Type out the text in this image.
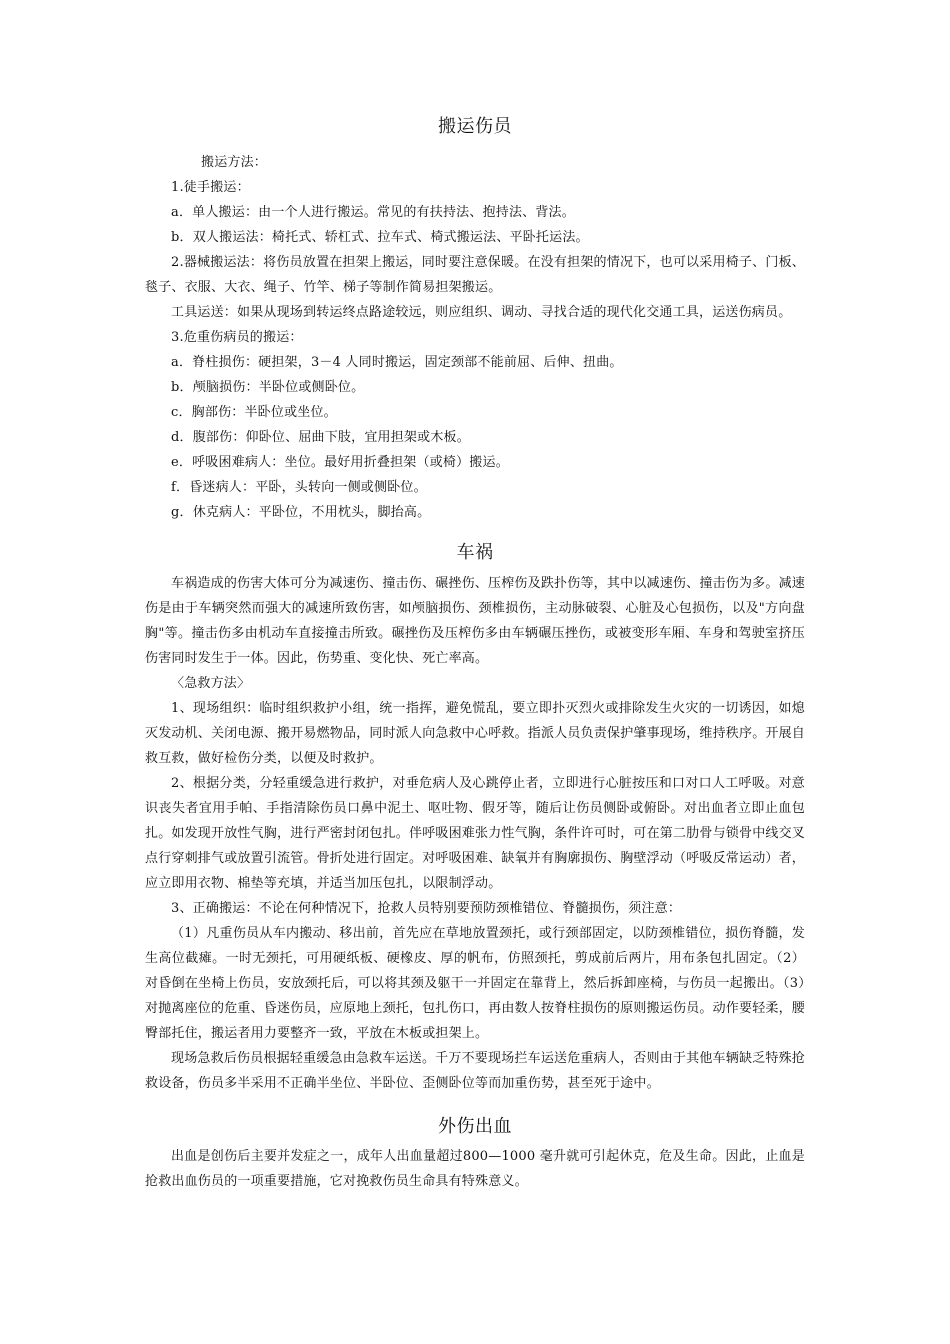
搬运伤员

搬运方法：

1.徒手搬运：

a．单人搬运：由一个人进行搬运。常见的有扶持法、抱持法、背法。

b．双人搬运法：椅托式、轿杠式、拉车式、椅式搬运法、平卧托运法。

2.器械搬运法：将伤员放置在担架上搬运，同时要注意保暖。在没有担架的情况下，也可以采用椅子、门板、毯子、衣服、大衣、绳子、竹竿、梯子等制作简易担架搬运。

工具运送：如果从现场到转运终点路途较远，则应组织、调动、寻找合适的现代化交通工具，运送伤病员。

3.危重伤病员的搬运：

a．脊柱损伤：硬担架，3－4 人同时搬运，固定颈部不能前屈、后伸、扭曲。

b．颅脑损伤：半卧位或侧卧位。

c．胸部伤：半卧位或坐位。

d．腹部伤：仰卧位、屈曲下肢，宜用担架或木板。

e．呼吸困难病人：坐位。最好用折叠担架（或椅）搬运。

f．昏迷病人：平卧，头转向一侧或侧卧位。

g．休克病人：平卧位，不用枕头，脚抬高。

车祸

车祸造成的伤害大体可分为减速伤、撞击伤、碾挫伤、压榨伤及跌扑伤等，其中以减速伤、撞击伤为多。减速伤是由于车辆突然而强大的减速所致伤害，如颅脑损伤、颈椎损伤，主动脉破裂、心脏及心包损伤，以及"方向盘胸"等。撞击伤多由机动车直接撞击所致。碾挫伤及压榨伤多由车辆碾压挫伤，或被变形车厢、车身和驾驶室挤压伤害同时发生于一体。因此，伤势重、变化快、死亡率高。

〈急救方法〉

1、现场组织：临时组织救护小组，统一指挥，避免慌乱，要立即扑灭烈火或排除发生火灾的一切诱因，如熄灭发动机、关闭电源、搬开易燃物品，同时派人向急救中心呼救。指派人员负责保护肇事现场，维持秩序。开展自救互救，做好检伤分类，以便及时救护。

2、根据分类，分轻重缓急进行救护，对垂危病人及心跳停止者，立即进行心脏按压和口对口人工呼吸。对意识丧失者宜用手帕、手指清除伤员口鼻中泥土、呕吐物、假牙等，随后让伤员侧卧或俯卧。对出血者立即止血包扎。如发现开放性气胸，进行严密封闭包扎。伴呼吸困难张力性气胸，条件许可时，可在第二肋骨与锁骨中线交叉点行穿刺排气或放置引流管。骨折处进行固定。对呼吸困难、缺氧并有胸廓损伤、胸壁浮动（呼吸反常运动）者，应立即用衣物、棉垫等充填，并适当加压包扎，以限制浮动。

3、正确搬运：不论在何种情况下，抢救人员特别要预防颈椎错位、脊髓损伤，须注意：

（1）凡重伤员从车内搬动、移出前，首先应在草地放置颈托，或行颈部固定，以防颈椎错位，损伤脊髓，发生高位截瘫。一时无颈托，可用硬纸板、硬橡皮、厚的帆布，仿照颈托，剪成前后两片，用布条包扎固定。（2）对昏倒在坐椅上伤员，安放颈托后，可以将其颈及躯干一并固定在靠背上，然后拆卸座椅，与伤员一起搬出。（3）对抛离座位的危重、昏迷伤员，应原地上颈托，包扎伤口，再由数人按脊柱损伤的原则搬运伤员。动作要轻柔，腰臀部托住，搬运者用力要整齐一致，平放在木板或担架上。

现场急救后伤员根据轻重缓急由急救车运送。千万不要现场拦车运送危重病人，否则由于其他车辆缺乏特殊抢救设备，伤员多半采用不正确半坐位、半卧位、歪侧卧位等而加重伤势，甚至死于途中。

外伤出血

出血是创伤后主要并发症之一，成年人出血量超过800—1000 毫升就可引起休克，危及生命。因此，止血是抢救出血伤员的一项重要措施，它对挽救伤员生命具有特殊意义。
